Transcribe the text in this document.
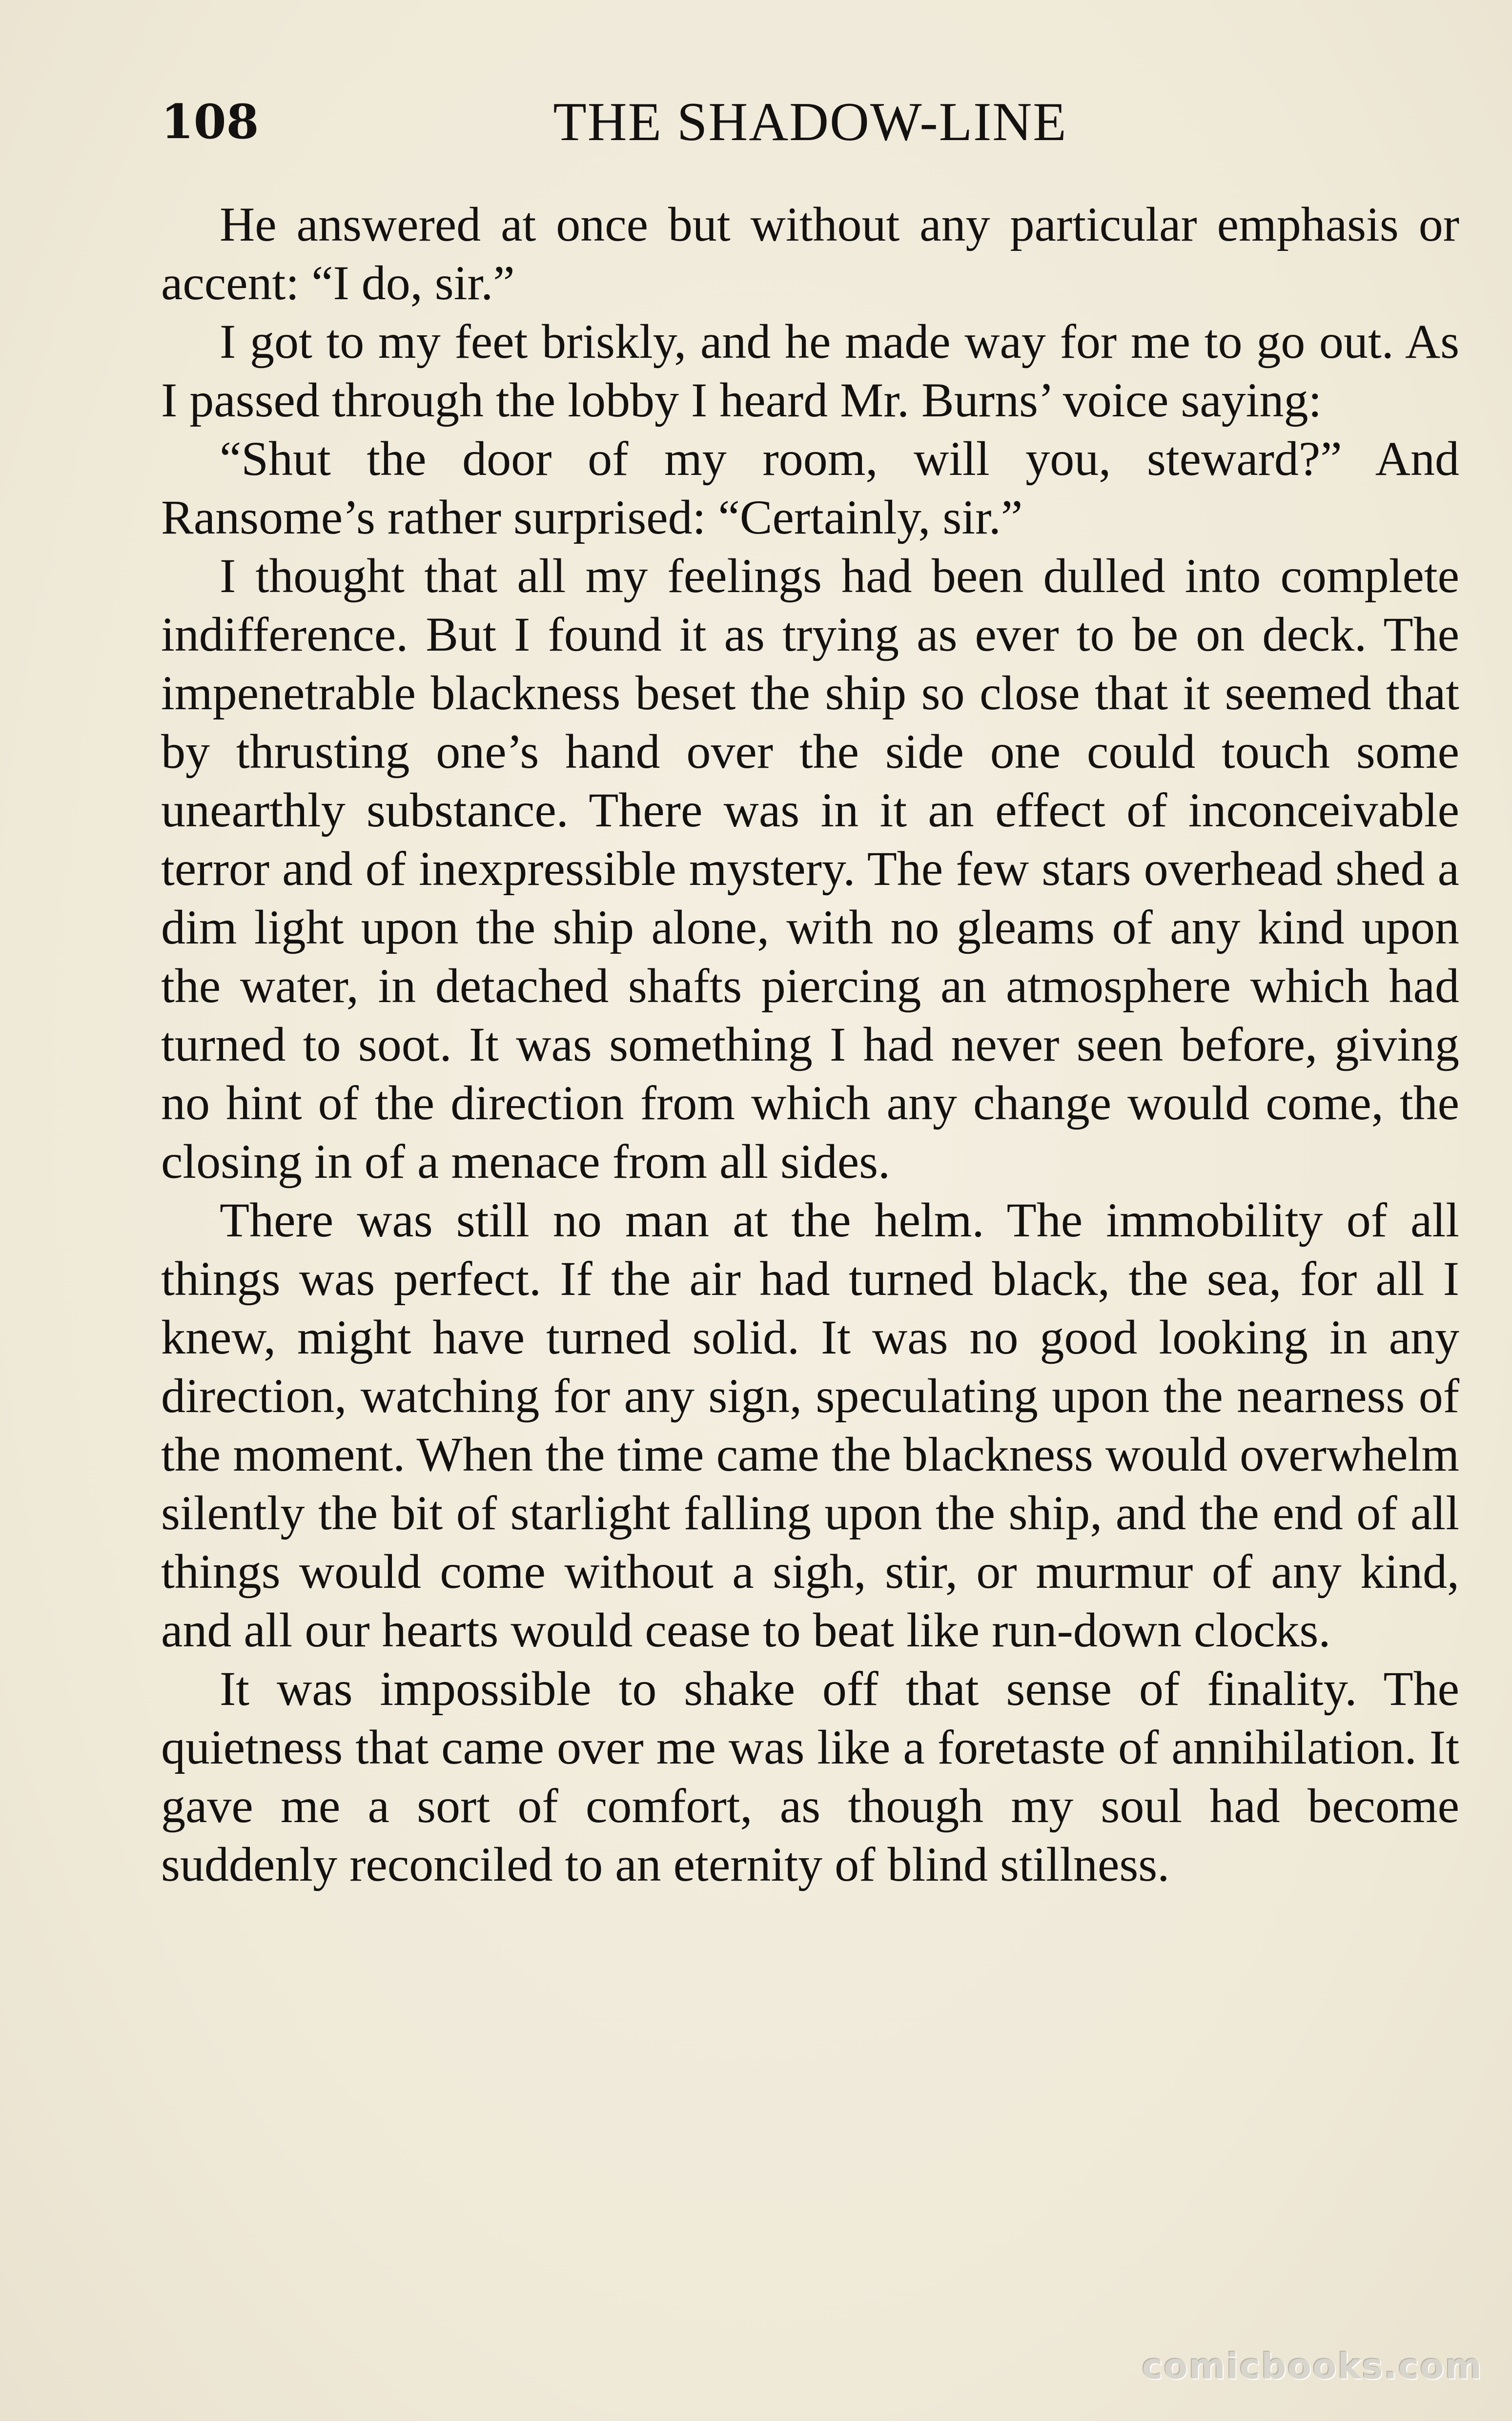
108	THE SHADOW-LINE

He answered at once but without any particular emphasis or accent: “I do, sir.”

I got to my feet briskly, and he made way for me to go out. As I passed through the lobby I heard Mr. Burns’ voice saying:

“Shut the door of my room, will you, steward?” And Ransome’s rather surprised: “Certainly, sir.”

I thought that all my feelings had been dulled into complete indifference. But I found it as trying as ever to be on deck. The impenetrable blackness beset the ship so close that it seemed that by thrusting one’s hand over the side one could touch some unearthly substance. There was in it an effect of inconceivable terror and of inexpressible mystery. The few stars overhead shed a dim light upon the ship alone, with no gleams of any kind upon the water, in detached shafts piercing an atmosphere which had turned to soot. It was something I had never seen before, giving no hint of the direction from which any change would come, the closing in of a menace from all sides.

There was still no man at the helm. The immobility of all things was perfect. If the air had turned black, the sea, for all I knew, might have turned solid. It was no good looking in any direction, watching for any sign, speculating upon the nearness of the moment. When the time came the blackness would overwhelm silently the bit of starlight falling upon the ship, and the end of all things would come without a sigh, stir, or murmur of any kind, and all our hearts would cease to beat like run-down clocks.

It was impossible to shake off that sense of finality. The quietness that came over me was like a foretaste of annihilation. It gave me a sort of comfort, as though my soul had become suddenly reconciled to an eternity of blind stillness.

comicbooks.com
